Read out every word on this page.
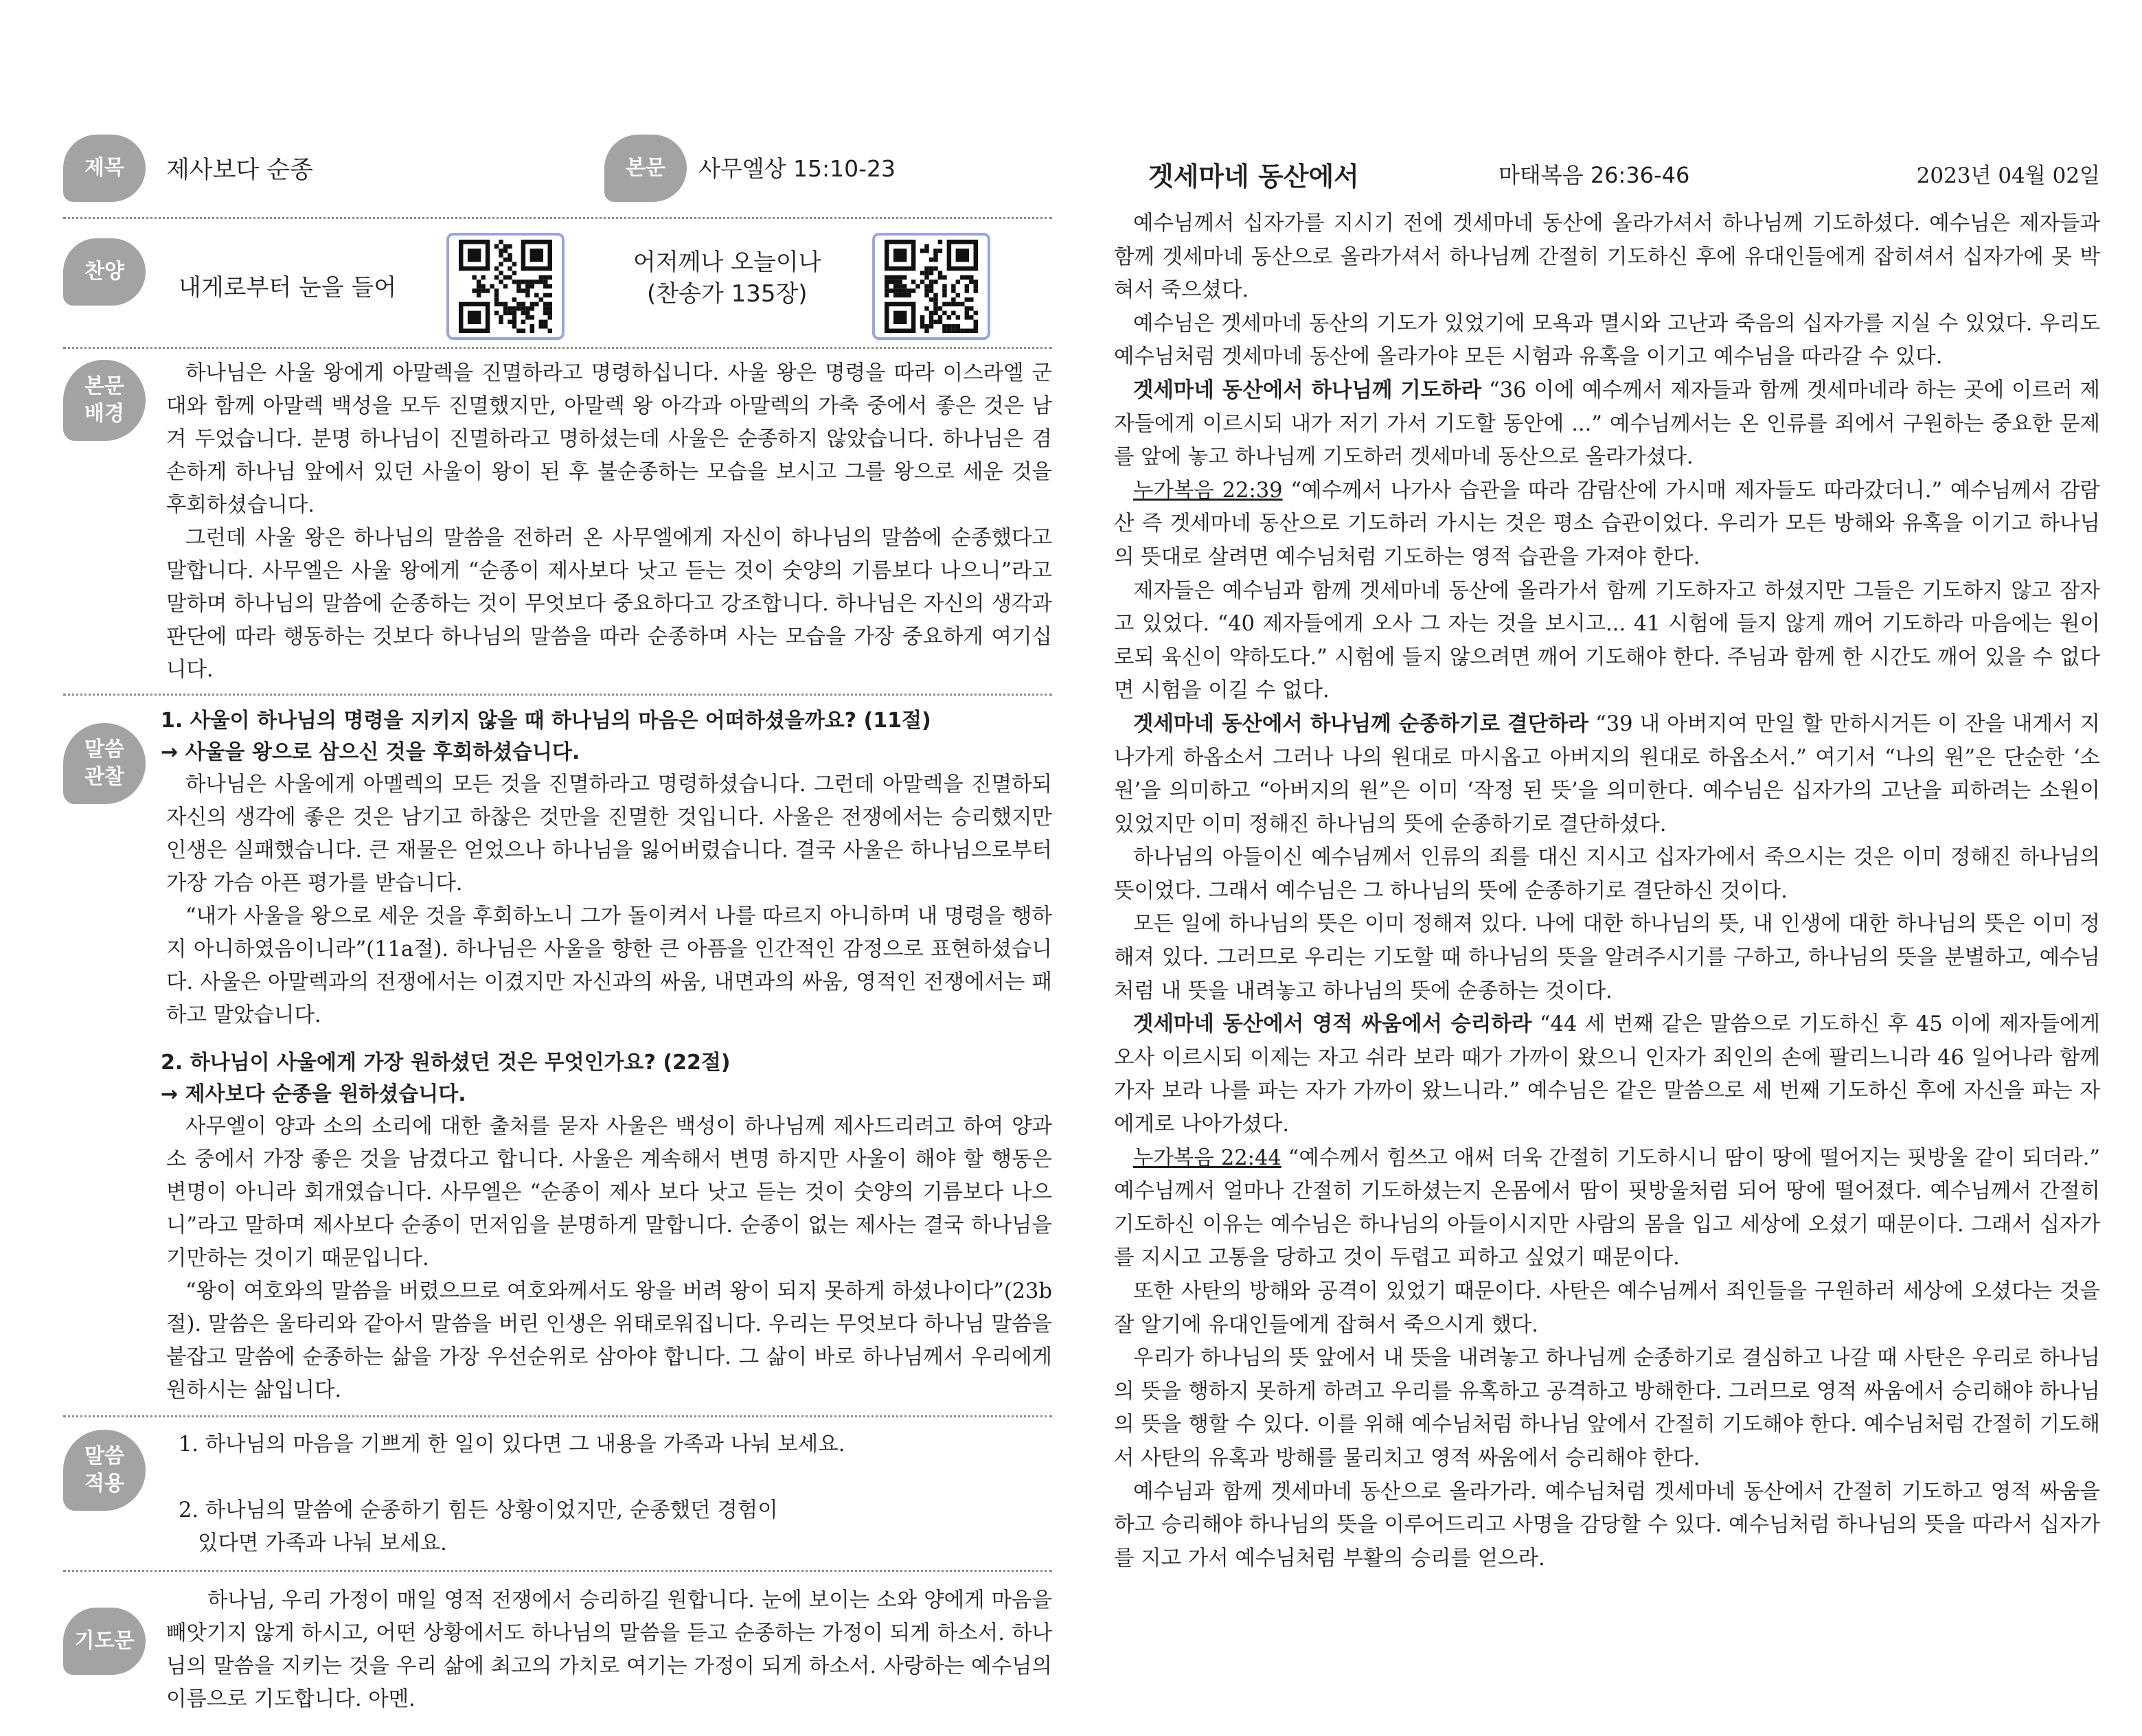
제목	제사보다 순종	본문	사무엘상 15:10-23
찬양
내게로부터 눈을 들어
어저께나 오늘이나
(찬송가 135장)
본문
배경

하나님은 사울 왕에게 아말렉을 진멸하라고 명령하십니다. 사울 왕은 명령을 따라 이스라엘 군대와 함께 아말렉 백성을 모두 진멸했지만, 아말렉 왕 아각과 아말렉의 가축 중에서 좋은 것은 남겨 두었습니다. 분명 하나님이 진멸하라고 명하셨는데 사울은 순종하지 않았습니다. 하나님은 겸손하게 하나님 앞에서 있던 사울이 왕이 된 후 불순종하는 모습을 보시고 그를 왕으로 세운 것을 후회하셨습니다.

그런데 사울 왕은 하나님의 말씀을 전하러 온 사무엘에게 자신이 하나님의 말씀에 순종했다고 말합니다. 사무엘은 사울 왕에게 “순종이 제사보다 낫고 듣는 것이 숫양의 기름보다 나으니”라고 말하며 하나님의 말씀에 순종하는 것이 무엇보다 중요하다고 강조합니다. 하나님은 자신의 생각과 판단에 따라 행동하는 것보다 하나님의 말씀을 따라 순종하며 사는 모습을 가장 중요하게 여기십니다.

말씀
관찰

1. 사울이 하나님의 명령을 지키지 않을 때 하나님의 마음은 어떠하셨을까요? (11절)

→ 사울을 왕으로 삼으신 것을 후회하셨습니다.

하나님은 사울에게 아멜렉의 모든 것을 진멸하라고 명령하셨습니다. 그런데 아말렉을 진멸하되 자신의 생각에 좋은 것은 남기고 하찮은 것만을 진멸한 것입니다. 사울은 전쟁에서는 승리했지만 인생은 실패했습니다. 큰 재물은 얻었으나 하나님을 잃어버렸습니다. 결국 사울은 하나님으로부터 가장 가슴 아픈 평가를 받습니다.

“내가 사울을 왕으로 세운 것을 후회하노니 그가 돌이켜서 나를 따르지 아니하며 내 명령을 행하지 아니하였음이니라”(11a절). 하나님은 사울을 향한 큰 아픔을 인간적인 감정으로 표현하셨습니다. 사울은 아말렉과의 전쟁에서는 이겼지만 자신과의 싸움, 내면과의 싸움, 영적인 전쟁에서는 패하고 말았습니다.

2. 하나님이 사울에게 가장 원하셨던 것은 무엇인가요? (22절)

→ 제사보다 순종을 원하셨습니다.

사무엘이 양과 소의 소리에 대한 출처를 묻자 사울은 백성이 하나님께 제사드리려고 하여 양과 소 중에서 가장 좋은 것을 남겼다고 합니다. 사울은 계속해서 변명 하지만 사울이 해야 할 행동은 변명이 아니라 회개였습니다. 사무엘은 “순종이 제사 보다 낫고 듣는 것이 숫양의 기름보다 나으니”라고 말하며 제사보다 순종이 먼저임을 분명하게 말합니다. 순종이 없는 제사는 결국 하나님을 기만하는 것이기 때문입니다.

“왕이 여호와의 말씀을 버렸으므로 여호와께서도 왕을 버려 왕이 되지 못하게 하셨나이다”(23b절). 말씀은 울타리와 같아서 말씀을 버린 인생은 위태로워집니다. 우리는 무엇보다 하나님 말씀을 붙잡고 말씀에 순종하는 삶을 가장 우선순위로 삼아야 합니다. 그 삶이 바로 하나님께서 우리에게 원하시는 삶입니다.

말씀
적용
1. 하나님의 마음을 기쁘게 한 일이 있다면 그 내용을 가족과 나눠 보세요.
2. 하나님의 말씀에 순종하기 힘든 상황이었지만, 순종했던 경험이
있다면 가족과 나눠 보세요.
기도문

하나님, 우리 가정이 매일 영적 전쟁에서 승리하길 원합니다. 눈에 보이는 소와 양에게 마음을 빼앗기지 않게 하시고, 어떤 상황에서도 하나님의 말씀을 듣고 순종하는 가정이 되게 하소서. 하나님의 말씀을 지키는 것을 우리 삶에 최고의 가치로 여기는 가정이 되게 하소서. 사랑하는 예수님의 이름으로 기도합니다. 아멘.

겟세마네 동산에서	마태복음 26:36-46	2023년 04월 02일

예수님께서 십자가를 지시기 전에 겟세마네 동산에 올라가셔서 하나님께 기도하셨다. 예수님은 제자들과 함께 겟세마네 동산으로 올라가셔서 하나님께 간절히 기도하신 후에 유대인들에게 잡히셔서 십자가에 못 박혀서 죽으셨다.

예수님은 겟세마네 동산의 기도가 있었기에 모욕과 멸시와 고난과 죽음의 십자가를 지실 수 있었다. 우리도 예수님처럼 겟세마네 동산에 올라가야 모든 시험과 유혹을 이기고 예수님을 따라갈 수 있다.

겟세마네 동산에서 하나님께 기도하라 “36 이에 예수께서 제자들과 함께 겟세마네라 하는 곳에 이르러 제자들에게 이르시되 내가 저기 가서 기도할 동안에 ...” 예수님께서는 온 인류를 죄에서 구원하는 중요한 문제를 앞에 놓고 하나님께 기도하러 겟세마네 동산으로 올라가셨다.

누가복음 22:39 “예수께서 나가사 습관을 따라 감람산에 가시매 제자들도 따라갔더니.” 예수님께서 감람산 즉 겟세마네 동산으로 기도하러 가시는 것은 평소 습관이었다. 우리가 모든 방해와 유혹을 이기고 하나님의 뜻대로 살려면 예수님처럼 기도하는 영적 습관을 가져야 한다.

제자들은 예수님과 함께 겟세마네 동산에 올라가서 함께 기도하자고 하셨지만 그들은 기도하지 않고 잠자고 있었다. “40 제자들에게 오사 그 자는 것을 보시고... 41 시험에 들지 않게 깨어 기도하라 마음에는 원이로되 육신이 약하도다.” 시험에 들지 않으려면 깨어 기도해야 한다. 주님과 함께 한 시간도 깨어 있을 수 없다면 시험을 이길 수 없다.

겟세마네 동산에서 하나님께 순종하기로 결단하라 “39 내 아버지여 만일 할 만하시거든 이 잔을 내게서 지나가게 하옵소서 그러나 나의 원대로 마시옵고 아버지의 원대로 하옵소서.” 여기서 “나의 원”은 단순한 ‘소원’을 의미하고 “아버지의 원”은 이미 ‘작정 된 뜻’을 의미한다. 예수님은 십자가의 고난을 피하려는 소원이 있었지만 이미 정해진 하나님의 뜻에 순종하기로 결단하셨다.

하나님의 아들이신 예수님께서 인류의 죄를 대신 지시고 십자가에서 죽으시는 것은 이미 정해진 하나님의 뜻이었다. 그래서 예수님은 그 하나님의 뜻에 순종하기로 결단하신 것이다.

모든 일에 하나님의 뜻은 이미 정해져 있다. 나에 대한 하나님의 뜻, 내 인생에 대한 하나님의 뜻은 이미 정해져 있다. 그러므로 우리는 기도할 때 하나님의 뜻을 알려주시기를 구하고, 하나님의 뜻을 분별하고, 예수님처럼 내 뜻을 내려놓고 하나님의 뜻에 순종하는 것이다.

겟세마네 동산에서 영적 싸움에서 승리하라 “44 세 번째 같은 말씀으로 기도하신 후 45 이에 제자들에게 오사 이르시되 이제는 자고 쉬라 보라 때가 가까이 왔으니 인자가 죄인의 손에 팔리느니라 46 일어나라 함께 가자 보라 나를 파는 자가 가까이 왔느니라.” 예수님은 같은 말씀으로 세 번째 기도하신 후에 자신을 파는 자에게로 나아가셨다.

누가복음 22:44 “예수께서 힘쓰고 애써 더욱 간절히 기도하시니 땀이 땅에 떨어지는 핏방울 같이 되더라.” 예수님께서 얼마나 간절히 기도하셨는지 온몸에서 땀이 핏방울처럼 되어 땅에 떨어졌다. 예수님께서 간절히 기도하신 이유는 예수님은 하나님의 아들이시지만 사람의 몸을 입고 세상에 오셨기 때문이다. 그래서 십자가를 지시고 고통을 당하고 것이 두렵고 피하고 싶었기 때문이다.

또한 사탄의 방해와 공격이 있었기 때문이다. 사탄은 예수님께서 죄인들을 구원하러 세상에 오셨다는 것을 잘 알기에 유대인들에게 잡혀서 죽으시게 했다.

우리가 하나님의 뜻 앞에서 내 뜻을 내려놓고 하나님께 순종하기로 결심하고 나갈 때 사탄은 우리로 하나님의 뜻을 행하지 못하게 하려고 우리를 유혹하고 공격하고 방해한다. 그러므로 영적 싸움에서 승리해야 하나님의 뜻을 행할 수 있다. 이를 위해 예수님처럼 하나님 앞에서 간절히 기도해야 한다. 예수님처럼 간절히 기도해서 사탄의 유혹과 방해를 물리치고 영적 싸움에서 승리해야 한다.

예수님과 함께 겟세마네 동산으로 올라가라. 예수님처럼 겟세마네 동산에서 간절히 기도하고 영적 싸움을 하고 승리해야 하나님의 뜻을 이루어드리고 사명을 감당할 수 있다. 예수님처럼 하나님의 뜻을 따라서 십자가를 지고 가서 예수님처럼 부활의 승리를 얻으라.
